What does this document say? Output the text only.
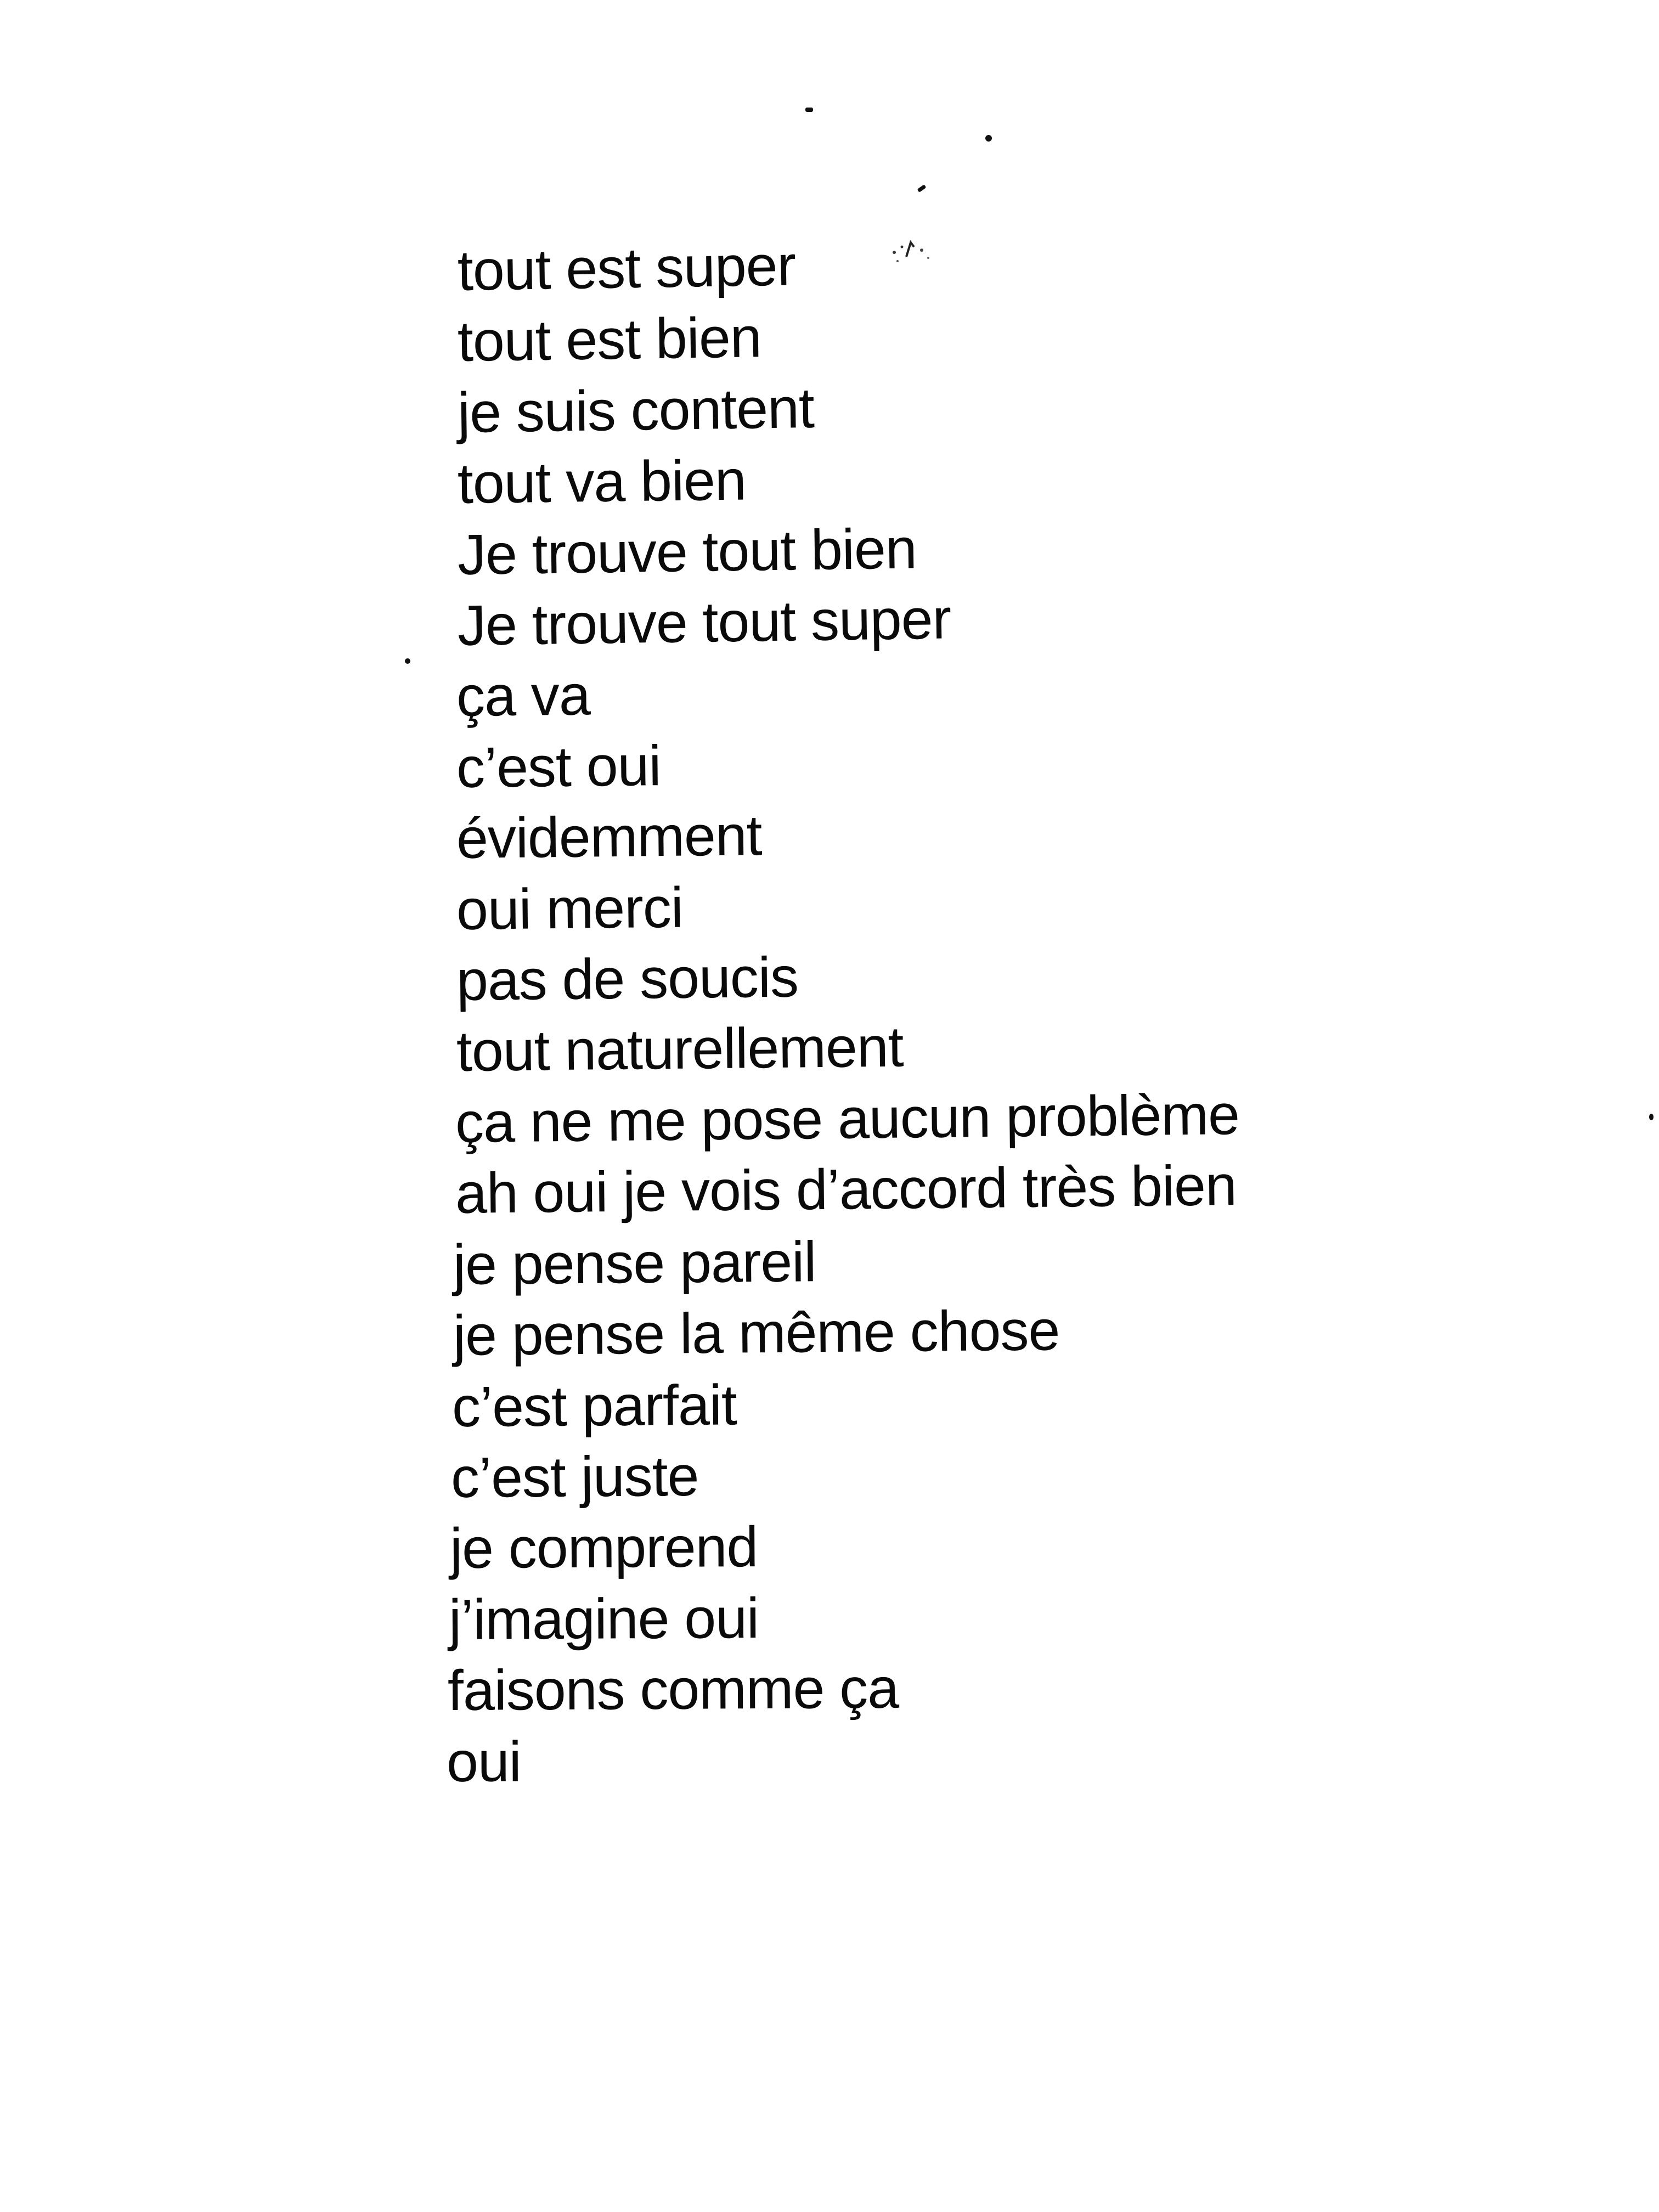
tout est super
tout est bien
je suis content
tout va bien
Je trouve tout bien
Je trouve tout super
ça va
c’est oui
évidemment
oui merci
pas de soucis
tout naturellement
ça ne me pose aucun problème
ah oui je vois d’accord très bien
je pense pareil
je pense la même chose
c’est parfait
c’est juste
je comprend
j’imagine oui
faisons comme ça
oui
